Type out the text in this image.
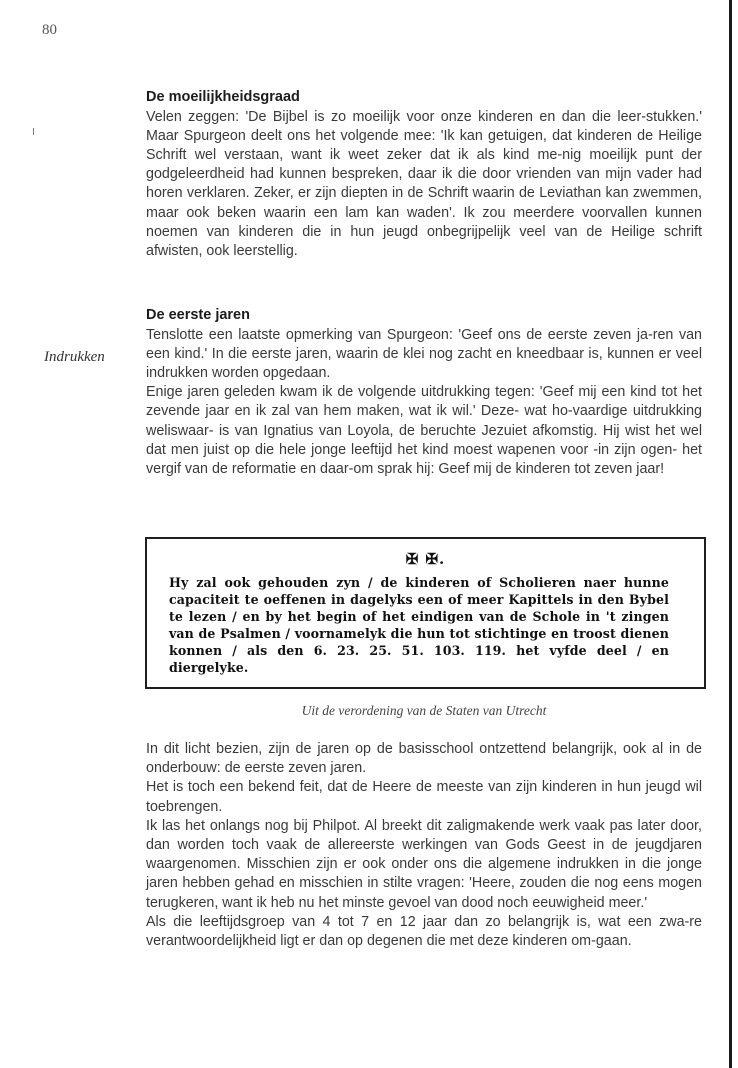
80
De moeilijkheidsgraad

Velen zeggen: 'De Bijbel is zo moeilijk voor onze kinderen en dan die leer-stukken.' Maar Spurgeon deelt ons het volgende mee: 'Ik kan getuigen, dat kinderen de Heilige Schrift wel verstaan, want ik weet zeker dat ik als kind me-nig moeilijk punt der godgeleerdheid had kunnen bespreken, daar ik die door vrienden van mijn vader had horen verklaren. Zeker, er zijn diepten in de Schrift waarin de Leviathan kan zwemmen, maar ook beken waarin een lam kan waden'. Ik zou meerdere voorvallen kunnen noemen van kinderen die in hun jeugd onbegrijpelijk veel van de Heilige schrift afwisten, ook leerstellig.

Indrukken
De eerste jaren

Tenslotte een laatste opmerking van Spurgeon: 'Geef ons de eerste zeven ja-ren van een kind.' In die eerste jaren, waarin de klei nog zacht en kneedbaar is, kunnen er veel indrukken worden opgedaan.

Enige jaren geleden kwam ik de volgende uitdrukking tegen: 'Geef mij een kind tot het zevende jaar en ik zal van hem maken, wat ik wil.' Deze- wat ho-vaardige uitdrukking weliswaar- is van Ignatius van Loyola, de beruchte Jezuiet afkomstig. Hij wist het wel dat men juist op die hele jonge leeftijd het kind moest wapenen voor -in zijn ogen- het vergif van de reformatie en daar-om sprak hij: Geef mij de kinderen tot zeven jaar!

✠ ✠.
Hy zal ook gehouden zyn / de kinderen of Scholieren naer hunne capaciteit te oeffenen in dagelyks een of meer Kapittels in den Bybel te lezen / en by het begin of het eindigen van de Schole in 't zingen van de Psalmen / voornamelyk die hun tot stichtinge en troost dienen konnen / als den 6. 23. 25. 51. 103. 119. het vyfde deel / en diergelyke.
Uit de verordening van de Staten van Utrecht

In dit licht bezien, zijn de jaren op de basisschool ontzettend belangrijk, ook al in de onderbouw: de eerste zeven jaren.

Het is toch een bekend feit, dat de Heere de meeste van zijn kinderen in hun jeugd wil toebrengen.

Ik las het onlangs nog bij Philpot. Al breekt dit zaligmakende werk vaak pas later door, dan worden toch vaak de allereerste werkingen van Gods Geest in de jeugdjaren waargenomen. Misschien zijn er ook onder ons die algemene indrukken in die jonge jaren hebben gehad en misschien in stilte vragen: 'Heere, zouden die nog eens mogen terugkeren, want ik heb nu het minste gevoel van dood noch eeuwigheid meer.'

Als die leeftijdsgroep van 4 tot 7 en 12 jaar dan zo belangrijk is, wat een zwa-re verantwoordelijkheid ligt er dan op degenen die met deze kinderen om-gaan.
